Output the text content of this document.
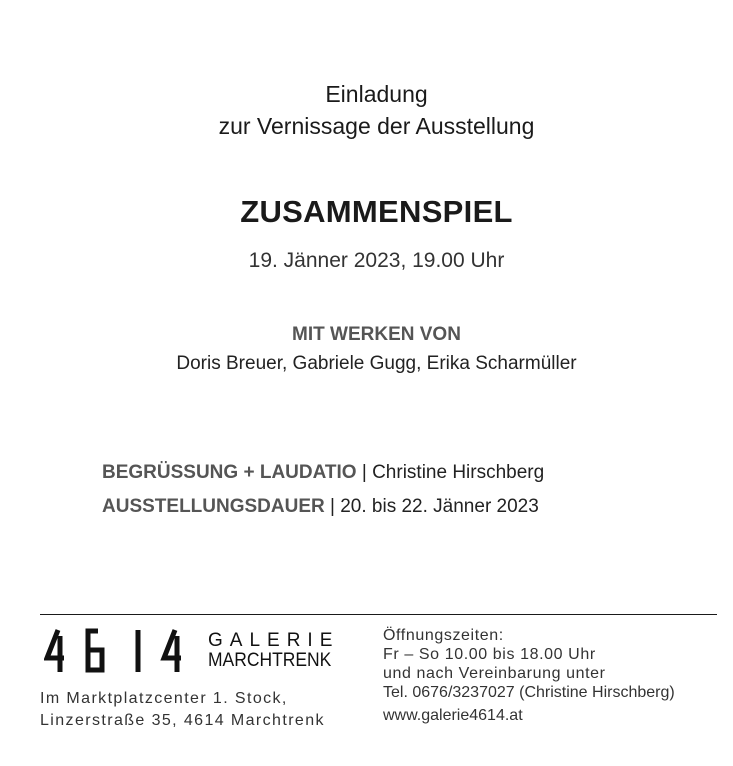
Einladung
zur Vernissage der Ausstellung
ZUSAMMENSPIEL
19. Jänner 2023, 19.00 Uhr
MIT WERKEN VON
Doris Breuer, Gabriele Gugg, Erika Scharmüller
BEGRÜSSUNG + LAUDATIO | Christine Hirschberg
AUSSTELLUNGSDAUER | 20. bis 22. Jänner 2023
GALERIE
MARCHTRENK
Im Marktplatzcenter 1. Stock,
Linzerstraße 35, 4614 Marchtrenk
Öffnungszeiten:
Fr – So 10.00 bis 18.00 Uhr
und nach Vereinbarung unter
Tel. 0676/3237027 (Christine Hirschberg)
www.galerie4614.at
